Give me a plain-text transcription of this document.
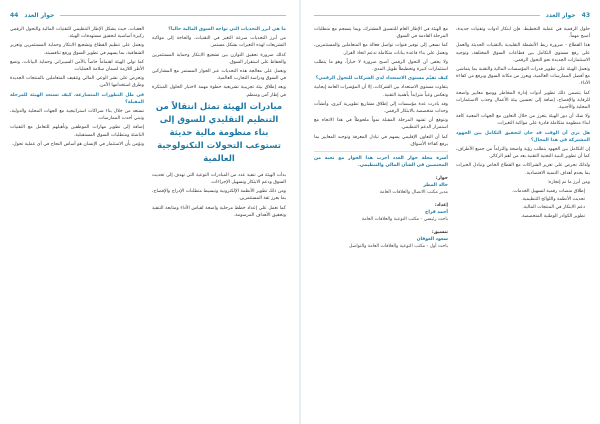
43
حوار العدد

حلول الرقمية في عملية التخطيط. فإن ابتكار أدوات وتقنيات جديدة، أصبح مهماً.

هذا القطاع - ضرورة ربط الأنشطة التقليدية بالتقنيات الحديثة والعمل على رفع مستوى التكامل بين قطاعات السوق المختلفة، وتوجيه الاستثمارات الجديدة نحو التحول الرقمي.

وتعمل الهيئة على تطوير قدرات المؤسسات المالية والتقنية بما يتماشى مع أفضل الممارسات العالمية، ويعزز من مكانة السوق ويرفع من كفاءة الأداء.

كما يتضمن ذلك تطوير أدوات إدارة المخاطر ووضع معايير واضحة للرقابة والإفصاح، إضافة إلى تحسين بيئة الأعمال وجذب الاستثمارات المحلية والأجنبية.

ولا شك أن دور الهيئة يتعزز من خلال التعاون مع الجهات المعنية كافة لبناء منظومة متكاملة قادرة على مواكبة التغيرات.

هل ترى أن الوقت قد حان لتحقيق التكامل بين الجهود المشتركة في هذا المجال؟

إن التكامل بين الجهود يتطلب رؤية واضحة والتزاماً من جميع الأطراف، كما أن تطوير البنية التحتية التقنية يعد من أهم الركائز.

ولذلك نحرص على تعزيز الشراكات مع القطاع الخاص وتبادل الخبرات بما يخدم أهداف التنمية الاقتصادية.

ومن أبرز ما تم إنجازه:

• إطلاق منصات رقمية لتسهيل الخدمات.
• تحديث الأنظمة واللوائح التنظيمية.
• دعم الابتكار في المنتجات المالية.
• تطوير الكوادر الوطنية المتخصصة.

مع الهيئة في الإطار العام للتنسيق المشترك، وبما ينسجم مع متطلبات المرحلة القادمة في السوق.

كما نسعى إلى توفير قنوات تواصل فعالة مع المتعاملين والمستثمرين، ونعمل على بناء قاعدة بيانات متكاملة تدعم اتخاذ القرار.

ولا يخفى أن التحول الرقمي أصبح ضرورة لا خياراً، وهو ما يتطلب استثمارات كبيرة وتخطيطاً طويل المدى.

كيف تقيّم مستوى الاستعداد لدى الشركات للتحول الرقمي؟

يتفاوت مستوى الاستعداد بين الشركات، إلا أن المؤشرات العامة إيجابية وتعكس وعياً متزايداً بأهمية التقنية.

وقد بادرت عدة مؤسسات إلى إطلاق مشاريع تطويرية كبرى، وأنشأت وحدات متخصصة بالابتكار الرقمي.

ونتوقع أن تشهد المرحلة المقبلة نمواً ملحوظاً في هذا الاتجاه مع استمرار الدعم التنظيمي.

كما أن التعاون الإقليمي يسهم في تبادل المعرفة وتوحيد المعايير بما يرفع كفاءة الأسواق.

أسرة مجلة حوار العدد أجرت هذا الحوار مع نخبة من المختصين في الشأن المالي والتنظيمي.

حوار:
خالد المطر
مدير مكتب الاتصال والعلاقات العامة
إعداد:
أحمد فراج
باحث رئيسي - مكتب التوعية والعلاقات العامة
تنسيق:
سعود العوفان
باحث أول - مكتب التوعية والعلاقات العامة والتواصل
حوار العدد
44

ما هي أبرز التحديات التي تواجه السوق المالية حالياً؟

من أبرز التحديات سرعة التغير في التقنيات، والحاجة إلى مواكبة التشريعات لهذه التغيرات بشكل مستمر.

كذلك ضرورة تحقيق التوازن بين تشجيع الابتكار وحماية المستثمرين والحفاظ على استقرار السوق.

ونعمل على معالجة هذه التحديات عبر الحوار المستمر مع المشاركين في السوق ودراسة التجارب العالمية.

ويعد إطلاق بيئة تجريبية تشريعية خطوة مهمة لاختبار الحلول المبتكرة في إطار آمن ومنظم.

مبادرات الهيئة تمثل انتقالاً من التنظيم التقليدي للسوق إلى بناء منظومة مالية حديثة تستوعب التحولات التكنولوجية العالمية

بدأت الهيئة في تنفيذ عدد من المبادرات النوعية التي تهدف إلى تحديث السوق ودعم الابتكار وتسهيل الإجراءات.

ومن ذلك تطوير الأنظمة الإلكترونية وتبسيط متطلبات الإدراج والإفصاح، بما يعزز ثقة المستثمرين.

كما تعمل على إعداد خطط مرحلية واضحة لقياس الأداء ومتابعة التنفيذ وتحقيق الأهداف المرسومة.

العقبات، حيث يشكل الإطار التنظيمي للتقنيات المالية والتحول الرقمي ركيزة أساسية لتحقيق مستهدفات الهيئة.

ونعمل على تنظيم القطاع وتشجيع الابتكار وحماية المستثمرين وتعزيز الشفافية، بما يسهم في تطوير السوق ورفع تنافسيته.

كما تولي الهيئة اهتماماً خاصاً بالأمن السيبراني وحماية البيانات، وتضع الأطر اللازمة لضمان سلامة العمليات.

وتحرص على نشر الوعي المالي وتثقيف المتعاملين بالمنتجات الجديدة وطرق استخدامها الآمن.

في ظل التطورات المتسارعة، كيف تستعد الهيئة للمرحلة المقبلة؟

نستعد من خلال بناء شراكات استراتيجية مع الجهات المحلية والدولية، وتبني أحدث الممارسات.

إضافة إلى تطوير مهارات الموظفين وتأهيلهم للتعامل مع التقنيات الناشئة ومتطلبات السوق المستقبلية.

ونؤمن بأن الاستثمار في الإنسان هو أساس النجاح في أي عملية تحول.
